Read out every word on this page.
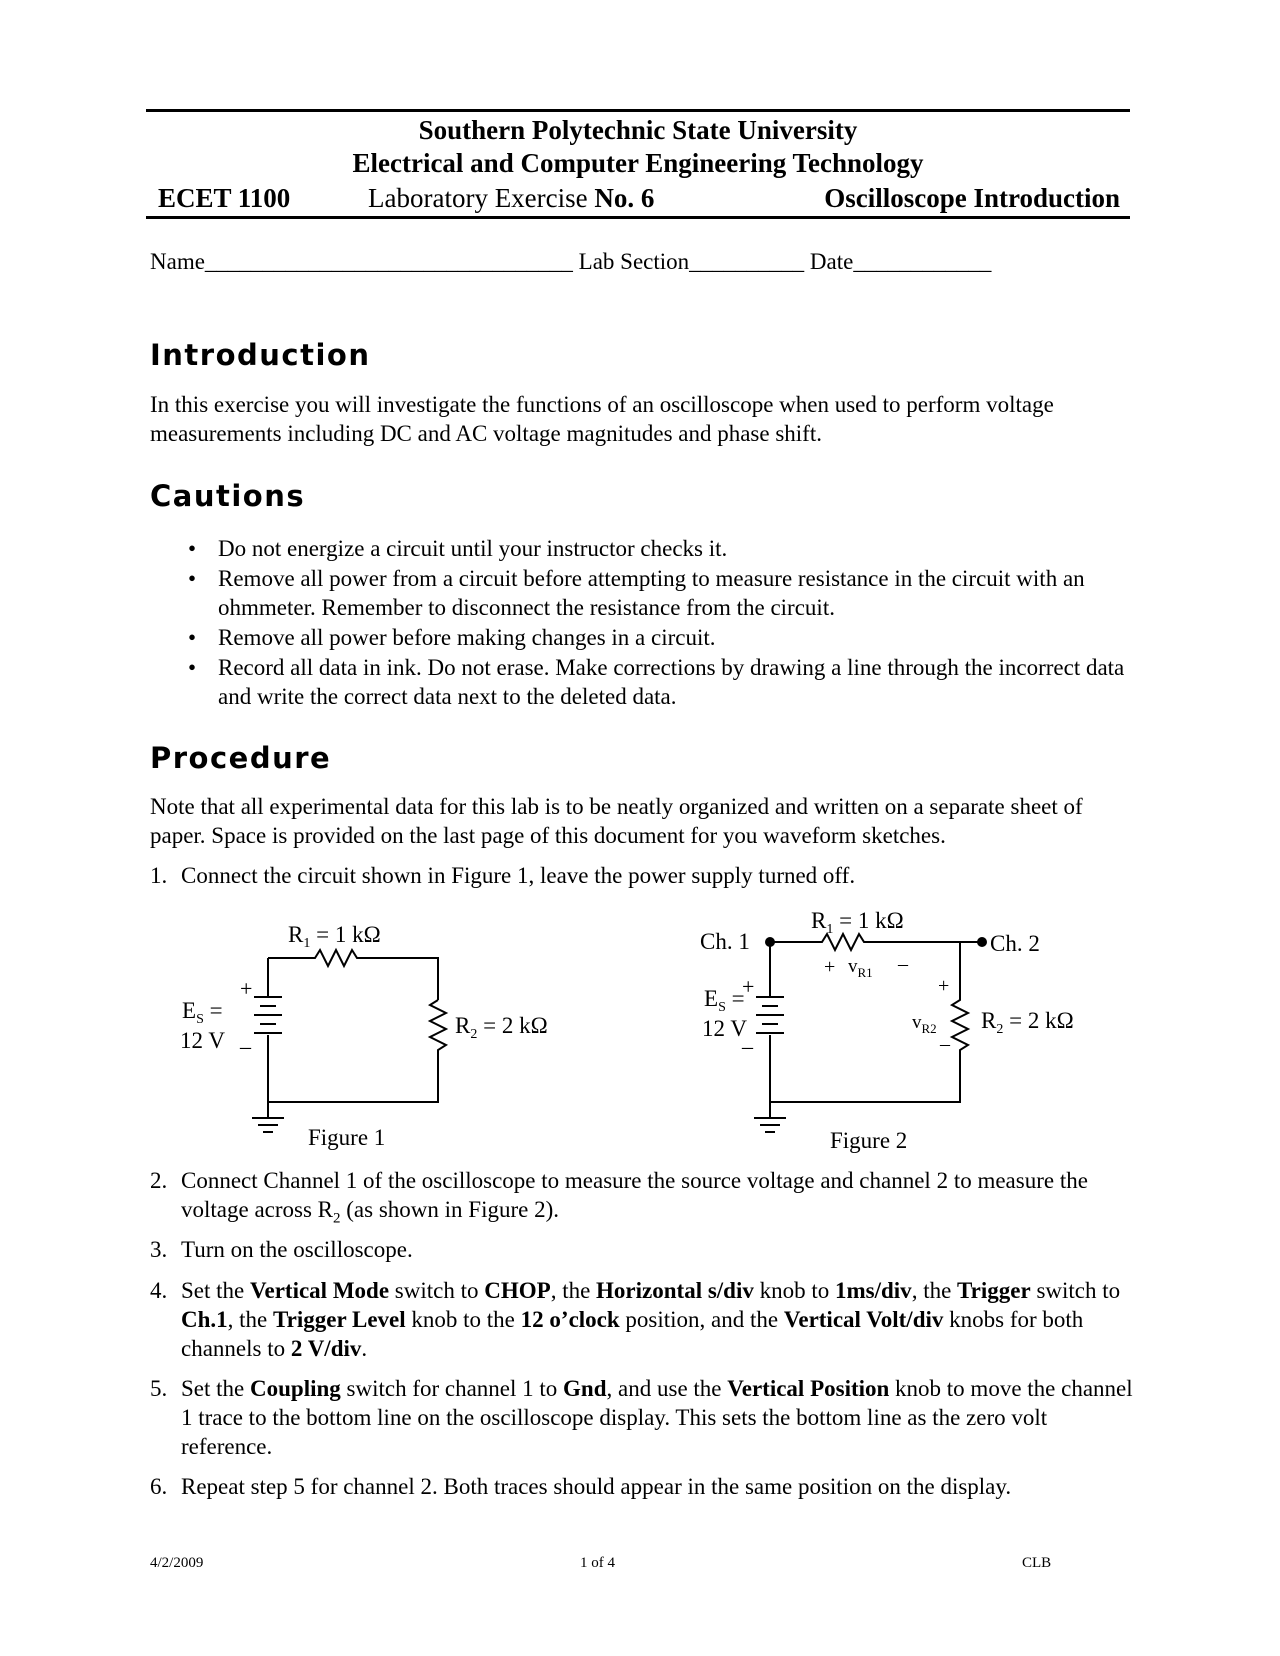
Southern Polytechnic State University
Electrical and Computer Engineering Technology
ECET 1100	Laboratory Exercise No. 6	Oscilloscope Introduction
Name________________________________ Lab Section__________ Date____________
Introduction

In this exercise you will investigate the functions of an oscilloscope when used to perform voltage measurements including DC and AC voltage magnitudes and phase shift.

Cautions
• Do not energize a circuit until your instructor checks it.
• Remove all power from a circuit before attempting to measure resistance in the circuit with an ohmmeter. Remember to disconnect the resistance from the circuit.
• Remove all power before making changes in a circuit.
• Record all data in ink. Do not erase. Make corrections by drawing a line through the incorrect data and write the correct data next to the deleted data.
Procedure

Note that all experimental data for this lab is to be neatly organized and written on a separate sheet of paper. Space is provided on the last page of this document for you waveform sketches.

1. Connect the circuit shown in Figure 1, leave the power supply turned off.
$R_1 = 1$ kΩ
$R_2 = 2$ kΩ
$E_S$ =
12 V
+
_
Figure 1
Ch. 1	Ch. 2
$R_1 = 1$ kΩ
+ $v_{R1}$ –
+
$v_{R2}$
–
$R_2 = 2$ kΩ
$E_S$ =
12 V
+
_
Figure 2
2. Connect Channel 1 of the oscilloscope to measure the source voltage and channel 2 to measure the voltage across $R_2$ (as shown in Figure 2).
3. Turn on the oscilloscope.
4. Set the Vertical Mode switch to CHOP, the Horizontal s/div knob to 1ms/div, the Trigger switch to Ch.1, the Trigger Level knob to the 12 o’clock position, and the Vertical Volt/div knobs for both channels to 2 V/div.
5. Set the Coupling switch for channel 1 to Gnd, and use the Vertical Position knob to move the channel 1 trace to the bottom line on the oscilloscope display. This sets the bottom line as the zero volt reference.
6. Repeat step 5 for channel 2. Both traces should appear in the same position on the display.
4/2/2009	1 of 4	CLB
